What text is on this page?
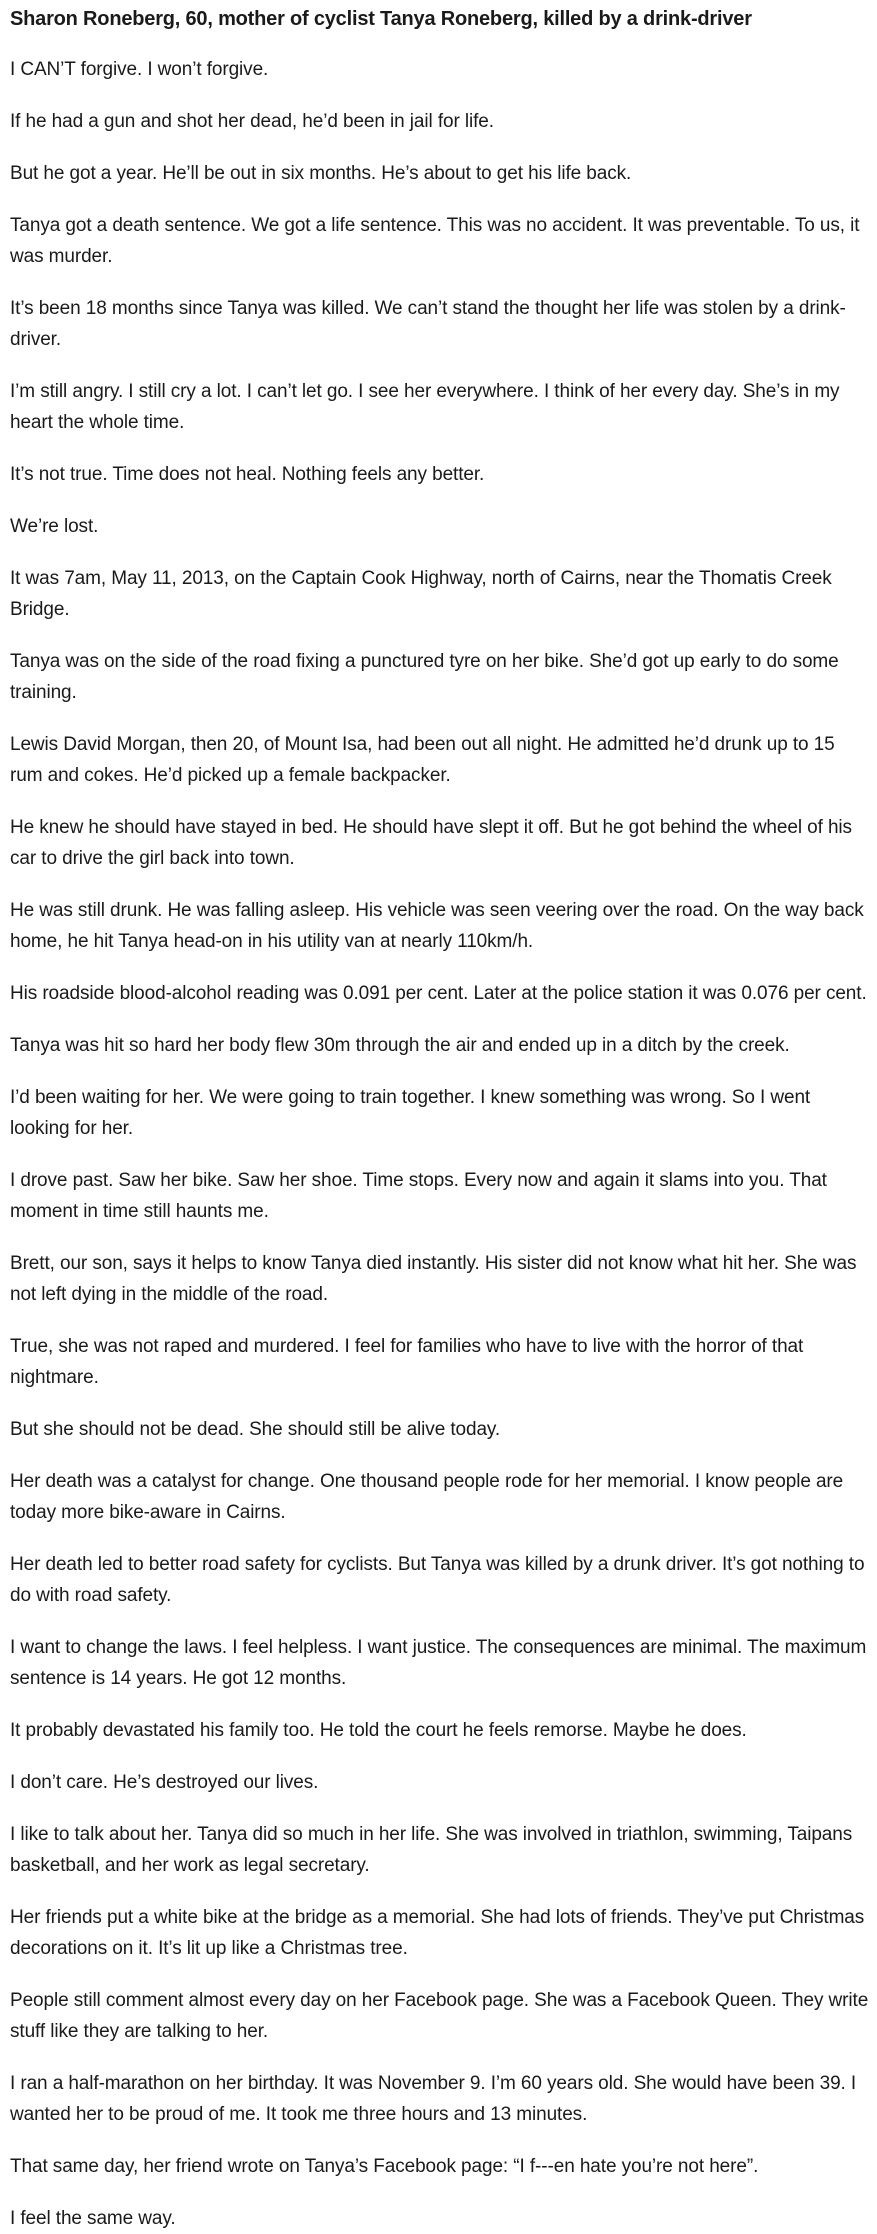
Sharon Roneberg, 60, mother of cyclist Tanya Roneberg, killed by a drink-driver

I CAN’T forgive. I won’t forgive.

If he had a gun and shot her dead, he’d been in jail for life.

But he got a year. He’ll be out in six months. He’s about to get his life back.

Tanya got a death sentence. We got a life sentence. This was no accident. It was preventable. To us, it was murder.

It’s been 18 months since Tanya was killed. We can’t stand the thought her life was stolen by a drink-driver.

I’m still angry. I still cry a lot. I can’t let go. I see her everywhere. I think of her every day. She’s in my heart the whole time.

It’s not true. Time does not heal. Nothing feels any better.

We’re lost.

It was 7am, May 11, 2013, on the Captain Cook Highway, north of Cairns, near the Thomatis Creek Bridge.

Tanya was on the side of the road fixing a punctured tyre on her bike. She’d got up early to do some training.

Lewis David Morgan, then 20, of Mount Isa, had been out all night. He admitted he’d drunk up to 15 rum and cokes. He’d picked up a female backpacker.

He knew he should have stayed in bed. He should have slept it off. But he got behind the wheel of his car to drive the girl back into town.

He was still drunk. He was falling asleep. His vehicle was seen veering over the road. On the way back home, he hit Tanya head-on in his utility van at nearly 110km/h.

His roadside blood-alcohol reading was 0.091 per cent. Later at the police station it was 0.076 per cent.

Tanya was hit so hard her body flew 30m through the air and ended up in a ditch by the creek.

I’d been waiting for her. We were going to train together. I knew something was wrong. So I went looking for her.

I drove past. Saw her bike. Saw her shoe. Time stops. Every now and again it slams into you. That moment in time still haunts me.

Brett, our son, says it helps to know Tanya died instantly. His sister did not know what hit her. She was not left dying in the middle of the road.

True, she was not raped and murdered. I feel for families who have to live with the horror of that nightmare.

But she should not be dead. She should still be alive today.

Her death was a catalyst for change. One thousand people rode for her memorial. I know people are today more bike-aware in Cairns.

Her death led to better road safety for cyclists. But Tanya was killed by a drunk driver. It’s got nothing to do with road safety.

I want to change the laws. I feel helpless. I want justice. The consequences are minimal. The maximum sentence is 14 years. He got 12 months.

It probably devastated his family too. He told the court he feels remorse. Maybe he does.

I don’t care. He’s destroyed our lives.

I like to talk about her. Tanya did so much in her life. She was involved in triathlon, swimming, Taipans basketball, and her work as legal secretary.

Her friends put a white bike at the bridge as a memorial. She had lots of friends. They’ve put Christmas decorations on it. It’s lit up like a Christmas tree.

People still comment almost every day on her Facebook page. She was a Facebook Queen. They write stuff like they are talking to her.

I ran a half-marathon on her birthday. It was November 9. I’m 60 years old. She would have been 39. I wanted her to be proud of me. It took me three hours and 13 minutes.

That same day, her friend wrote on Tanya’s Facebook page: “I f---en hate you’re not here”.

I feel the same way.
